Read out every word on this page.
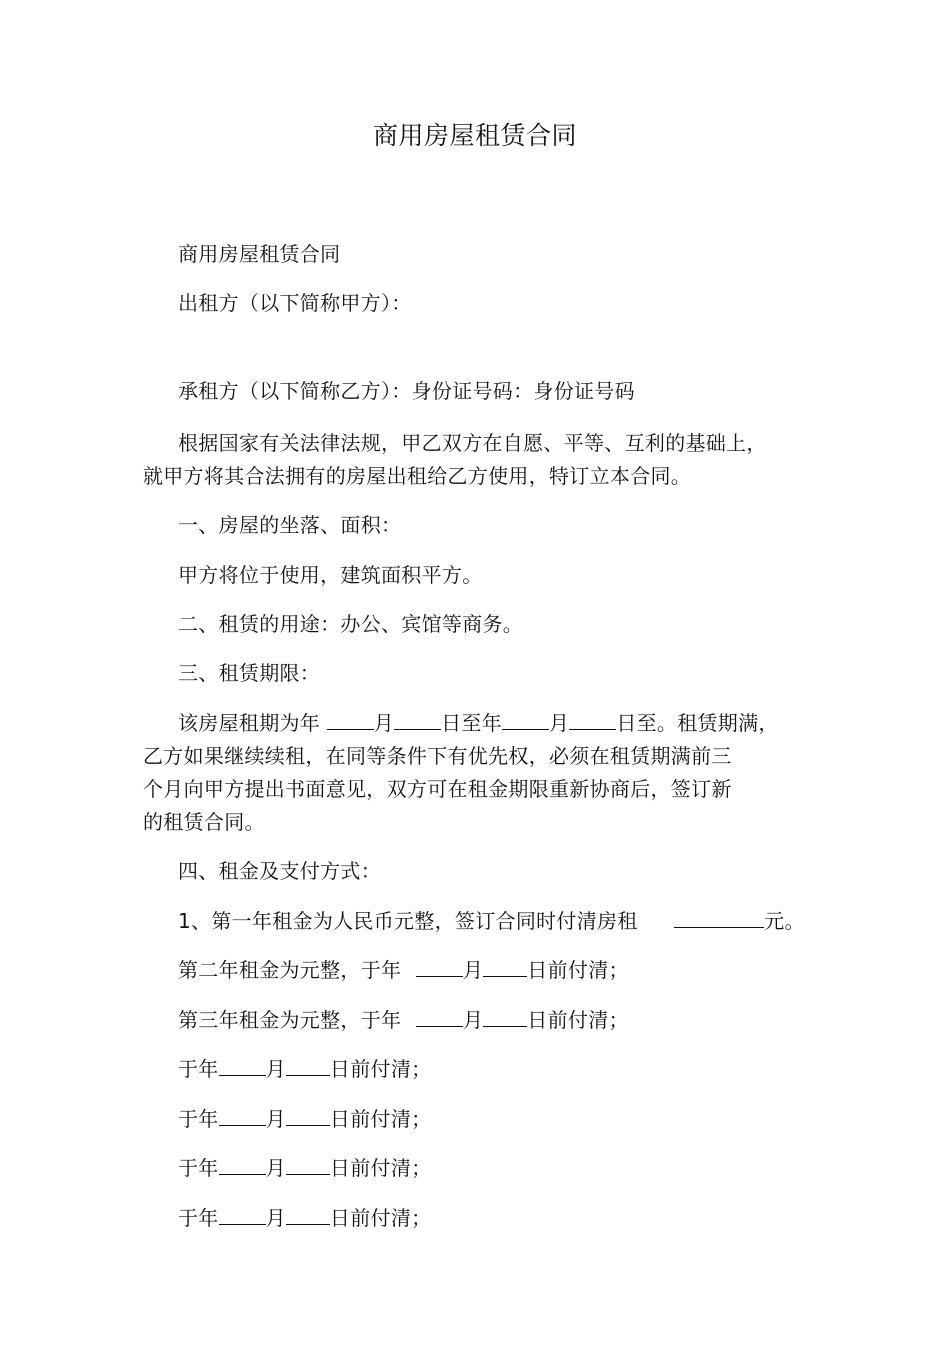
商用房屋租赁合同
商用房屋租赁合同
出租方（以下简称甲方）：
承租方（以下简称乙方）：身份证号码：身份证号码
根据国家有关法律法规，甲乙双方在自愿、平等、互利的基础上，
就甲方将其合法拥有的房屋出租给乙方使用，特订立本合同。
一、房屋的坐落、面积：
甲方将位于使用，建筑面积平方。
二、租赁的用途：办公、宾馆等商务。
三、租赁期限：
该房屋租期为年	月 日至年 月 日至。租赁期满，
乙方如果继续续租，在同等条件下有优先权，必须在租赁期满前三
个月向甲方提出书面意见，双方可在租金期限重新协商后，签订新
的租赁合同。
四、租金及支付方式：
1、第一年租金为人民币元整，签订合同时付清房租	元。
第二年租金为元整，于年	月 日前付清；
第三年租金为元整，于年	月 日前付清；
于年 月 日前付清；
于年 月 日前付清；
于年 月 日前付清；
于年 月 日前付清；
